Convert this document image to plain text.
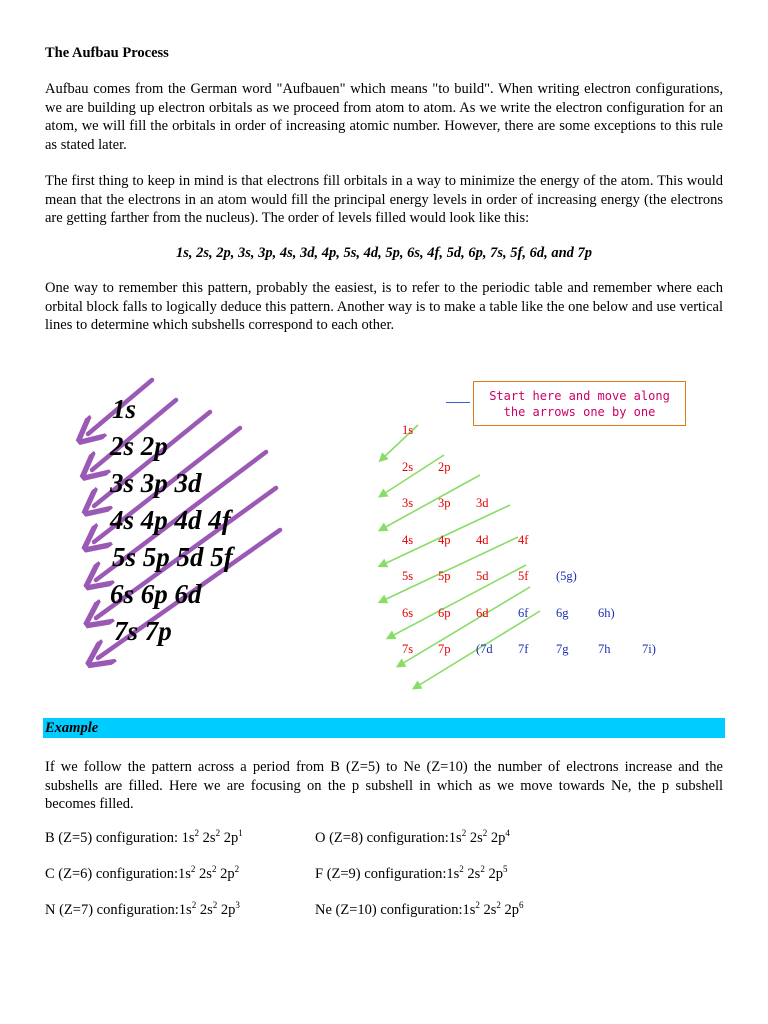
The Aufbau Process
Aufbau comes from the German word "Aufbauen" which means "to build". When writing electron configurations, we are building up electron orbitals as we proceed from atom to atom. As we write the electron configuration for an atom, we will fill the orbitals in order of increasing atomic number. However, there are some exceptions to this rule as stated later.
The first thing to keep in mind is that electrons fill orbitals in a way to minimize the energy of the atom. This would mean that the electrons in an atom would fill the principal energy levels in order of increasing energy (the electrons are getting farther from the nucleus). The order of levels filled would look like this:
1s, 2s, 2p, 3s, 3p, 4s, 3d, 4p, 5s, 4d, 5p, 6s, 4f, 5d, 6p, 7s, 5f, 6d, and 7p
One way to remember this pattern, probably the easiest, is to refer to the periodic table and remember where each orbital block falls to logically deduce this pattern. Another way is to make a table like the one below and use vertical lines to determine which subshells correspond to each other.
1s
2s 2p
3s 3p 3d
4s 4p 4d 4f
5s 5p 5d 5f
6s 6p 6d
7s 7p
Start here and move along
the arrows one by one
1s
2s 2p
3s 3p 3d
4s 4p 4d 4f
5s 5p 5d 5f (5g)
6s 6p 6d 6f 6g 6h)
7s 7p (7d 7f 7g 7h	7i)
Example
If we follow the pattern across a period from B (Z=5) to Ne (Z=10) the number of electrons increase and the subshells are filled. Here we are focusing on the p subshell in which as we move towards Ne, the p subshell becomes filled.
B (Z=5) configuration: $1s^2$ $2s^2$ $2p^1$	O (Z=8) $configuration:1s^2$ $2s^2$ $2p^4$
C (Z=6) $configuration:1s^2$ $2s^2$ $2p^2$	F (Z=9) $configuration:1s^2$ $2s^2$ $2p^5$
N (Z=7) $configuration:1s^2$ $2s^2$ $2p^3$	Ne (Z=10) $configuration:1s^2$ $2s^2$ $2p^6$
